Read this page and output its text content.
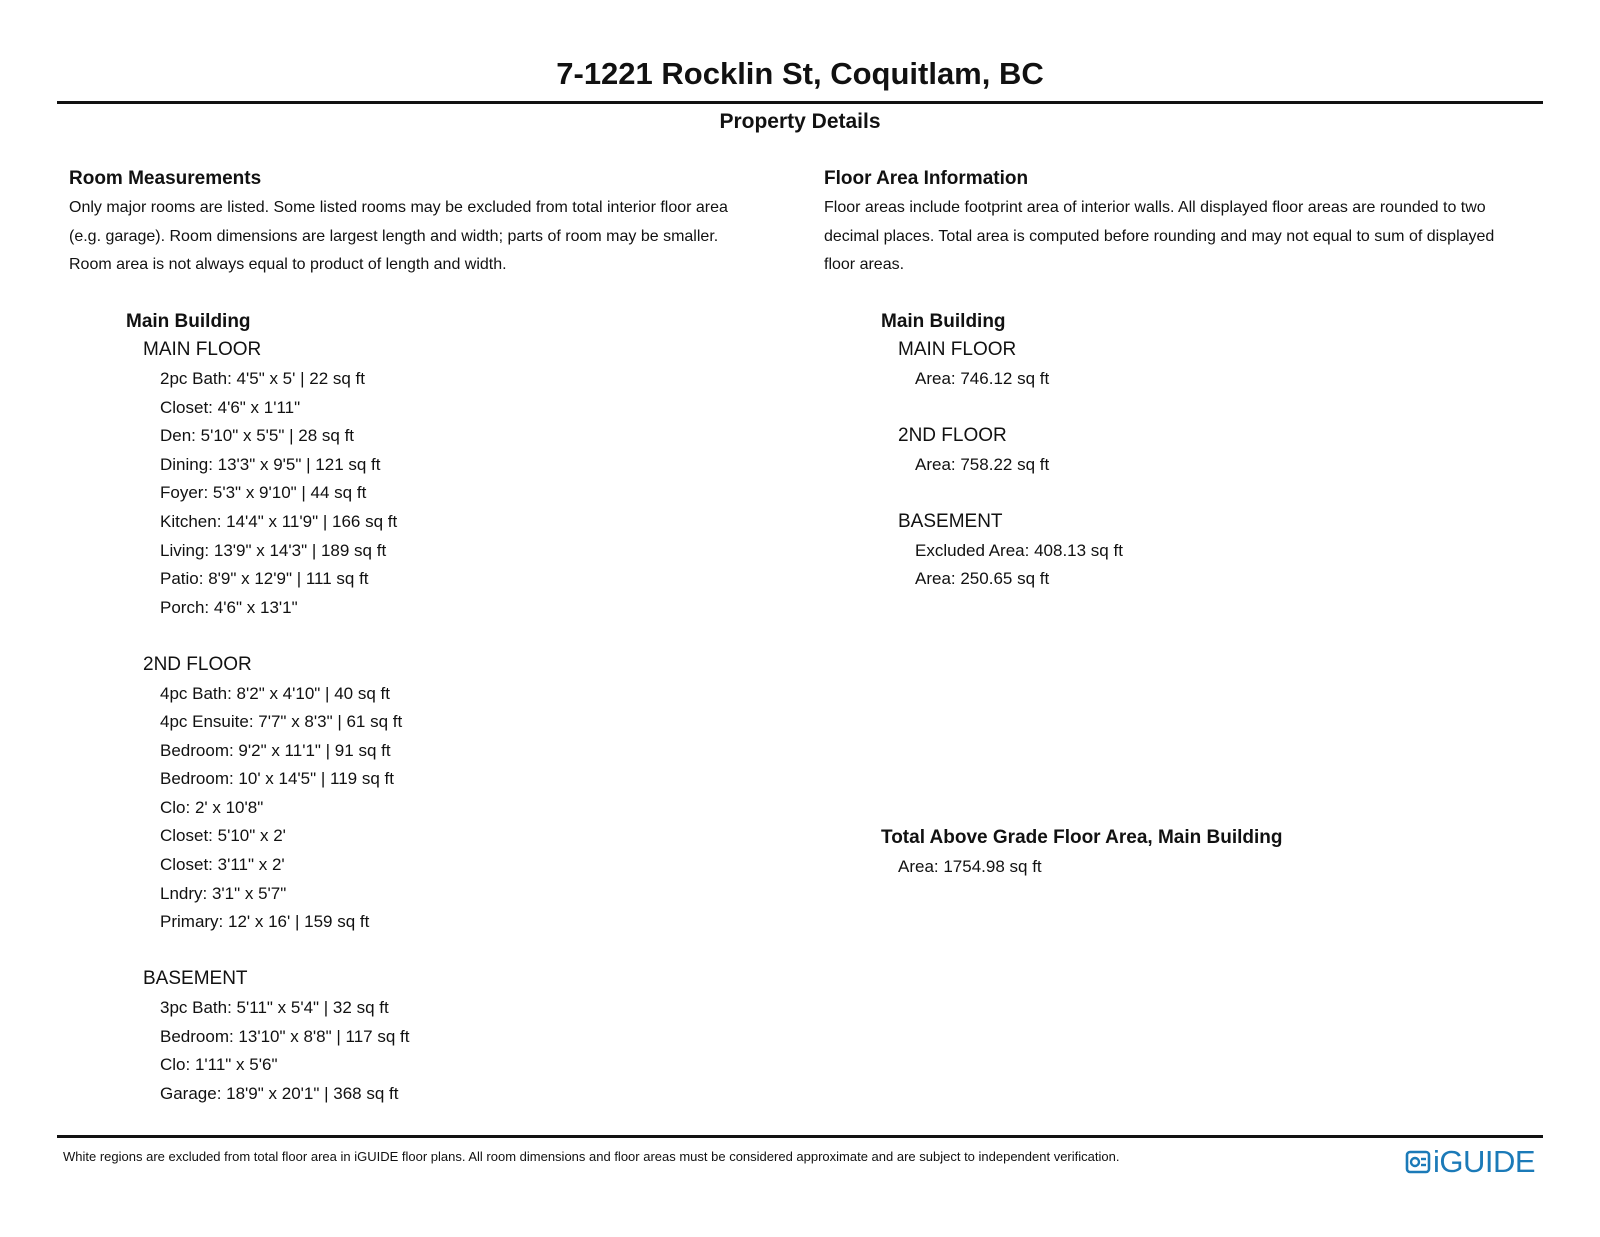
7-1221 Rocklin St, Coquitlam, BC
Property Details
Room Measurements
Only major rooms are listed. Some listed rooms may be excluded from total interior floor area
(e.g. garage). Room dimensions are largest length and width; parts of room may be smaller.
Room area is not always equal to product of length and width.
Main Building
MAIN FLOOR
2pc Bath: 4'5" x 5' | 22 sq ft
Closet: 4'6" x 1'11"
Den: 5'10" x 5'5" | 28 sq ft
Dining: 13'3" x 9'5" | 121 sq ft
Foyer: 5'3" x 9'10" | 44 sq ft
Kitchen: 14'4" x 11'9" | 166 sq ft
Living: 13'9" x 14'3" | 189 sq ft
Patio: 8'9" x 12'9" | 111 sq ft
Porch: 4'6" x 13'1"
2ND FLOOR
4pc Bath: 8'2" x 4'10" | 40 sq ft
4pc Ensuite: 7'7" x 8'3" | 61 sq ft
Bedroom: 9'2" x 11'1" | 91 sq ft
Bedroom: 10' x 14'5" | 119 sq ft
Clo: 2' x 10'8"
Closet: 5'10" x 2'
Closet: 3'11" x 2'
Lndry: 3'1" x 5'7"
Primary: 12' x 16' | 159 sq ft
BASEMENT
3pc Bath: 5'11" x 5'4" | 32 sq ft
Bedroom: 13'10" x 8'8" | 117 sq ft
Clo: 1'11" x 5'6"
Garage: 18'9" x 20'1" | 368 sq ft
Floor Area Information
Floor areas include footprint area of interior walls. All displayed floor areas are rounded to two
decimal places. Total area is computed before rounding and may not equal to sum of displayed
floor areas.
Main Building
MAIN FLOOR
Area: 746.12 sq ft
2ND FLOOR
Area: 758.22 sq ft
BASEMENT
Excluded Area: 408.13 sq ft
Area: 250.65 sq ft
Total Above Grade Floor Area, Main Building
Area: 1754.98 sq ft
White regions are excluded from total floor area in iGUIDE floor plans. All room dimensions and floor areas must be considered approximate and are subject to independent verification.	iGUIDE
